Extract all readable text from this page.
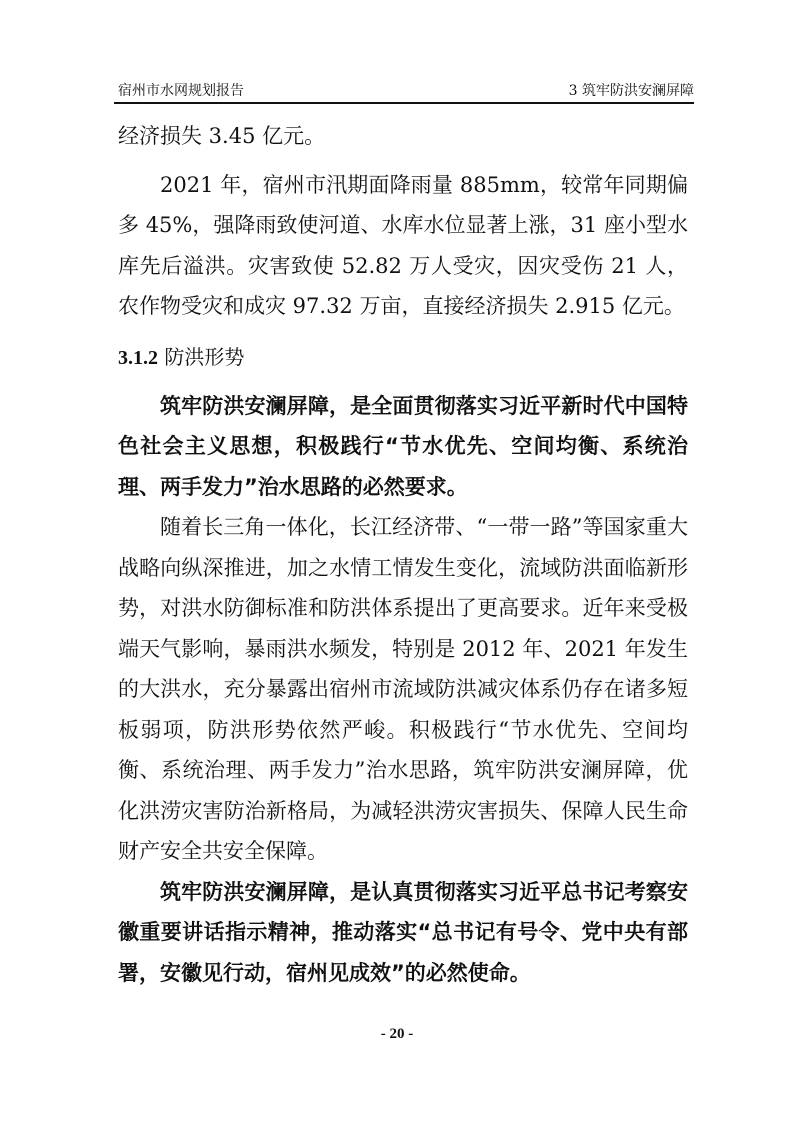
宿州市水网规划报告	3 筑牢防洪安澜屏障

经济损失 3.45 亿元。

2021 年，宿州市汛期面降雨量 885mm，较常年同期偏多 45%，强降雨致使河道、水库水位显著上涨，31 座小型水库先后溢洪。灾害致使 52.82 万人受灾，因灾受伤 21 人，农作物受灾和成灾 97.32 万亩，直接经济损失 2.915 亿元。

3.1.2 防洪形势

筑牢防洪安澜屏障，是全面贯彻落实习近平新时代中国特色社会主义思想，积极践行“节水优先、空间均衡、系统治理、两手发力”治水思路的必然要求。

随着长三角一体化，长江经济带、“一带一路”等国家重大战略向纵深推进，加之水情工情发生变化，流域防洪面临新形势，对洪水防御标准和防洪体系提出了更高要求。近年来受极端天气影响，暴雨洪水频发，特别是 2012 年、2021 年发生的大洪水，充分暴露出宿州市流域防洪减灾体系仍存在诸多短板弱项，防洪形势依然严峻。积极践行“节水优先、空间均衡、系统治理、两手发力”治水思路，筑牢防洪安澜屏障，优化洪涝灾害防治新格局，为减轻洪涝灾害损失、保障人民生命财产安全共安全保障。

筑牢防洪安澜屏障，是认真贯彻落实习近平总书记考察安徽重要讲话指示精神，推动落实“总书记有号令、党中央有部署，安徽见行动，宿州见成效”的必然使命。

- 20 -
